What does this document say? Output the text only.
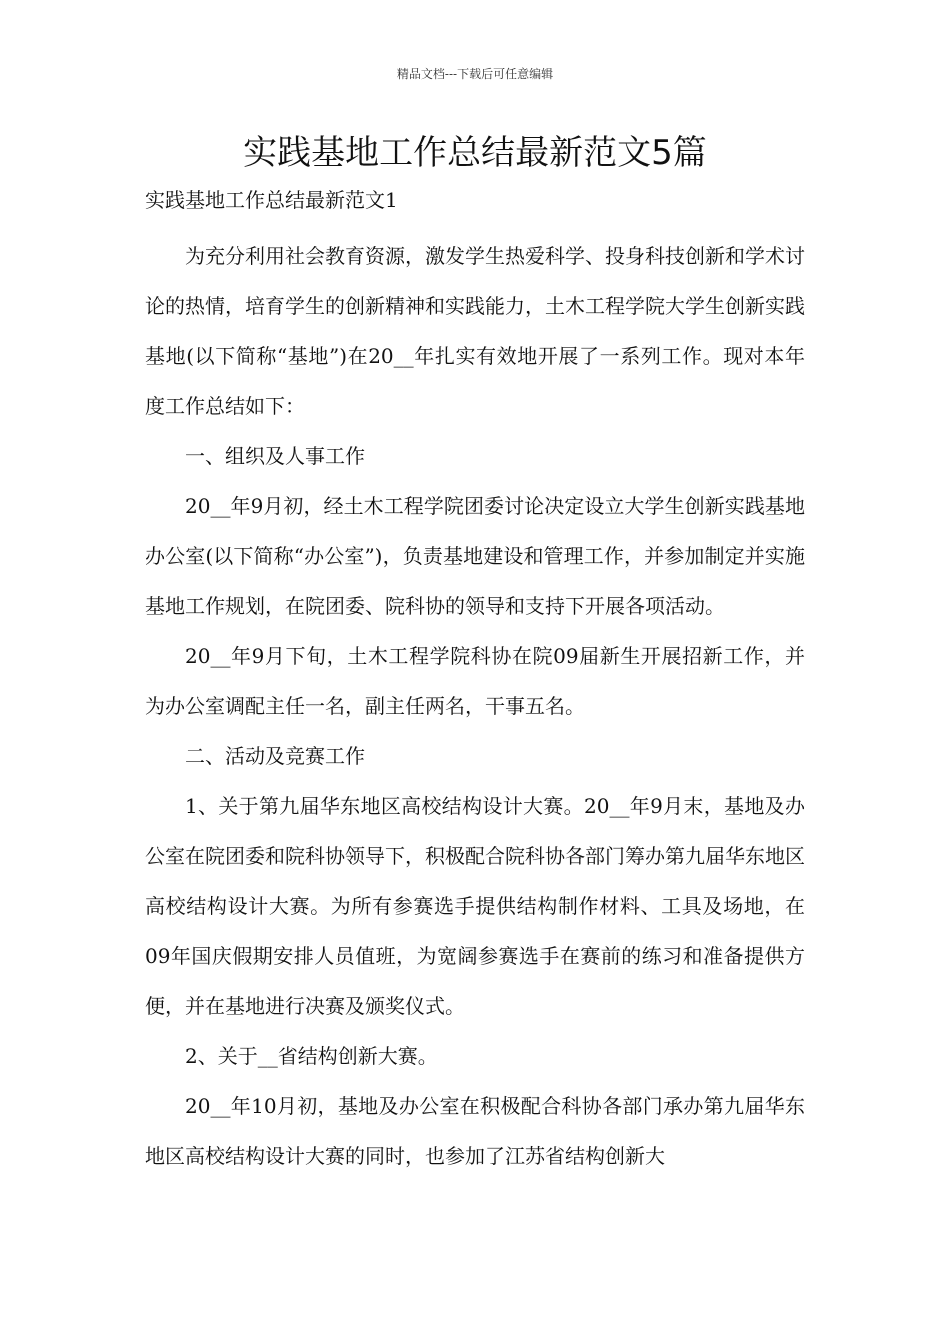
精品文档---下载后可任意编辑
实践基地工作总结最新范文5篇
实践基地工作总结最新范文1

为充分利用社会教育资源，激发学生热爱科学、投身科技创新和学术讨论的热情，培育学生的创新精神和实践能力，土木工程学院大学生创新实践基地(以下简称“基地”)在20__年扎实有效地开展了一系列工作。现对本年度工作总结如下：

一、组织及人事工作

20__年9月初，经土木工程学院团委讨论决定设立大学生创新实践基地办公室(以下简称“办公室”)，负责基地建设和管理工作，并参加制定并实施基地工作规划，在院团委、院科协的领导和支持下开展各项活动。

20__年9月下旬，土木工程学院科协在院09届新生开展招新工作，并为办公室调配主任一名，副主任两名，干事五名。

二、活动及竞赛工作

1、关于第九届华东地区高校结构设计大赛。20__年9月末，基地及办公室在院团委和院科协领导下，积极配合院科协各部门筹办第九届华东地区高校结构设计大赛。为所有参赛选手提供结构制作材料、工具及场地，在09年国庆假期安排人员值班，为宽阔参赛选手在赛前的练习和准备提供方便，并在基地进行决赛及颁奖仪式。

2、关于__省结构创新大赛。

20__年10月初，基地及办公室在积极配合科协各部门承办第九届华东地区高校结构设计大赛的同时，也参加了江苏省结构创新大
